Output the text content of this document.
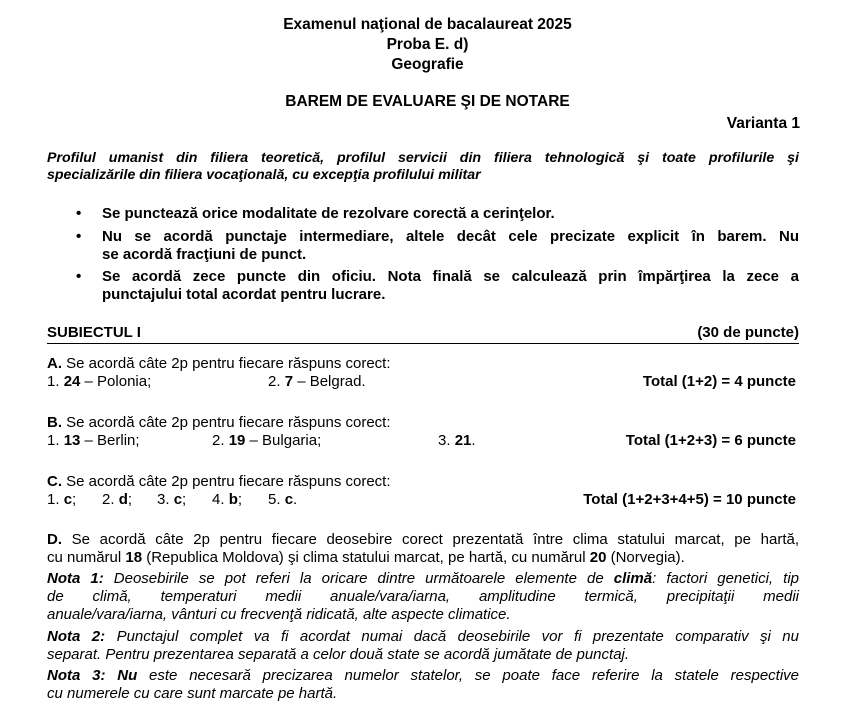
Examenul naţional de bacalaureat 2025
Proba E. d)
Geografie
BAREM DE EVALUARE ŞI DE NOTARE
Varianta 1
Profilul umanist din filiera teoretică, profilul servicii din filiera tehnologică şi toate profilurile şi
specializările din filiera vocaţională, cu excepţia profilului militar
• Se punctează orice modalitate de rezolvare corectă a cerinţelor.
• Nu se acordă punctaje intermediare, altele decât cele precizate explicit în barem. Nu
se acordă fracţiuni de punct.
• Se acordă zece puncte din oficiu. Nota finală se calculează prin împărţirea la zece a
punctajului total acordat pentru lucrare.
SUBIECTUL I	(30 de puncte)
A. Se acordă câte 2p pentru fiecare răspuns corect:
1. 24 – Polonia;	2. 7 – Belgrad.	Total (1+2) = 4 puncte
B. Se acordă câte 2p pentru fiecare răspuns corect:
1. 13 – Berlin;	2. 19 – Bulgaria;	3. 21.	Total (1+2+3) = 6 puncte
C. Se acordă câte 2p pentru fiecare răspuns corect:
1. c; 2. d; 3. c; 4. b; 5. c.	Total (1+2+3+4+5) = 10 puncte
D. Se acordă câte 2p pentru fiecare deosebire corect prezentată între clima statului marcat, pe hartă,
cu numărul 18 (Republica Moldova) şi clima statului marcat, pe hartă, cu numărul 20 (Norvegia).
Nota 1: Deosebirile se pot referi la oricare dintre următoarele elemente de climă: factori genetici, tip
de climă, temperaturi medii anuale/vara/iarna, amplitudine termică, precipitaţii medii
anuale/vara/iarna, vânturi cu frecvenţă ridicată, alte aspecte climatice.
Nota 2: Punctajul complet va fi acordat numai dacă deosebirile vor fi prezentate comparativ şi nu
separat. Pentru prezentarea separată a celor două state se acordă jumătate de punctaj.
Nota 3: Nu este necesară precizarea numelor statelor, se poate face referire la statele respective
cu numerele cu care sunt marcate pe hartă.
